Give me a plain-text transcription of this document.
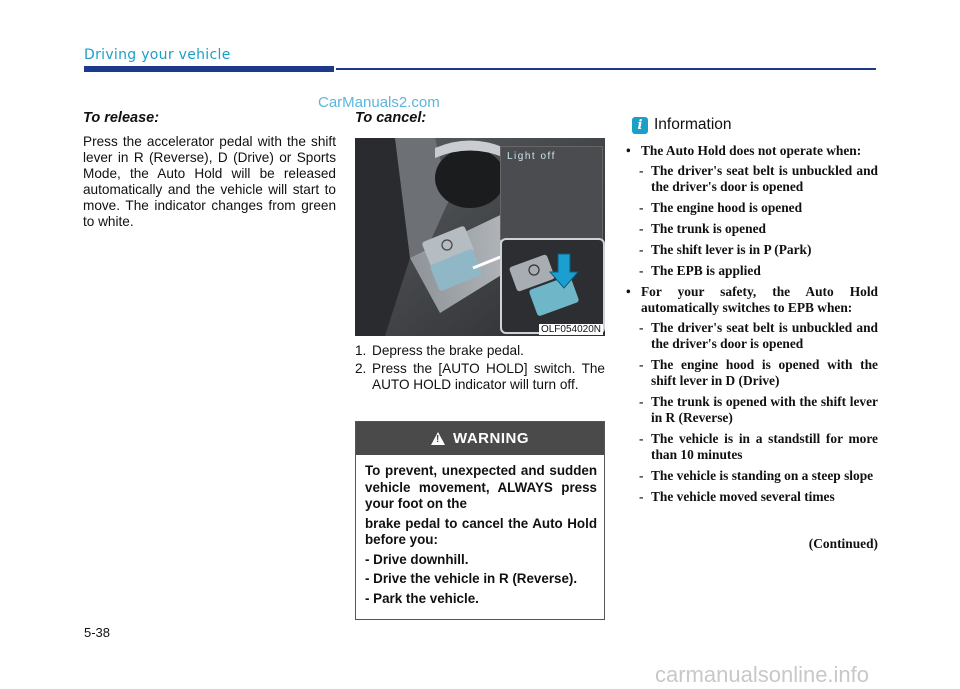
Driving your vehicle
CarManuals2.com
To release:

Press the accelerator pedal with the shift lever in R (Reverse), D (Drive) or Sports Mode, the Auto Hold will be released automatically and the vehicle will start to move. The indicator changes from green to white.

To cancel:
Light off
OLF054020N
1. Depress the brake pedal.
2. Press the [AUTO HOLD] switch. The AUTO HOLD indicator will turn off.
!
WARNING

To prevent, unexpected and sudden vehicle movement, ALWAYS press your foot on the

brake pedal to cancel the Auto Hold before you:

- Drive downhill.

- Drive the vehicle in R (Reverse).

- Park the vehicle.

i Information
• The Auto Hold does not operate when:
- The driver's seat belt is unbuckled and the driver's door is opened
- The engine hood is opened
- The trunk is opened
- The shift lever is in P (Park)
- The EPB is applied
• For your safety, the Auto Hold automatically switches to EPB when:
- The driver's seat belt is unbuckled and the driver's door is opened
- The engine hood is opened with the shift lever in D (Drive)
- The trunk is opened with the shift lever in R (Reverse)
- The vehicle is in a standstill for more than 10 minutes
- The vehicle is standing on a steep slope
- The vehicle moved several times
(Continued)
5-38
carmanualsonline.info
